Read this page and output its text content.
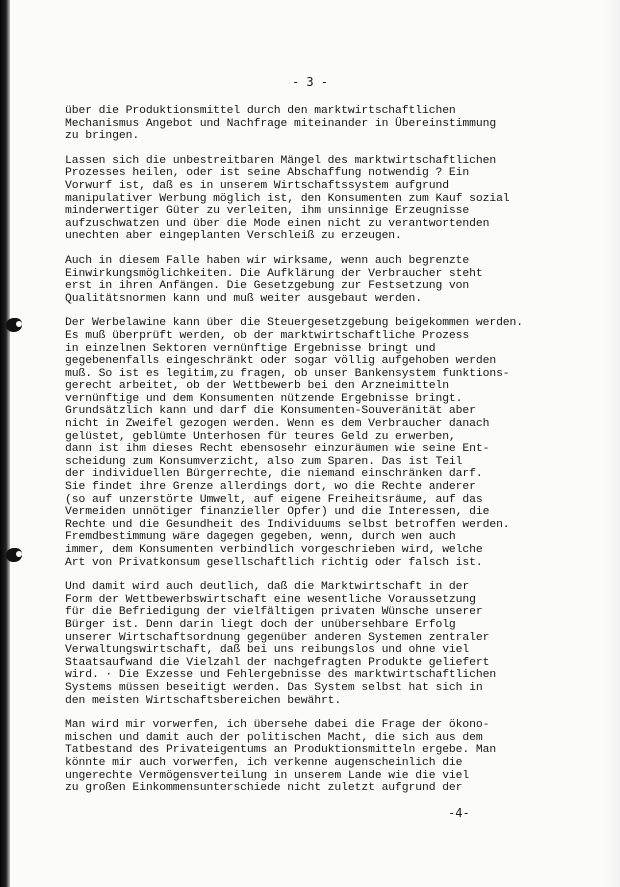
- 3 -
über die Produktionsmittel durch den marktwirtschaftlichen
Mechanismus Angebot und Nachfrage miteinander in Übereinstimmung
zu bringen.
Lassen sich die unbestreitbaren Mängel des marktwirtschaftlichen
Prozesses heilen, oder ist seine Abschaffung notwendig ? Ein
Vorwurf ist, daß es in unserem Wirtschaftssystem aufgrund
manipulativer Werbung möglich ist, den Konsumenten zum Kauf sozial
minderwertiger Güter zu verleiten, ihm unsinnige Erzeugnisse
aufzuschwatzen und über die Mode einen nicht zu verantwortenden
unechten aber eingeplanten Verschleiß zu erzeugen.
Auch in diesem Falle haben wir wirksame, wenn auch begrenzte
Einwirkungsmöglichkeiten. Die Aufklärung der Verbraucher steht
erst in ihren Anfängen. Die Gesetzgebung zur Festsetzung von
Qualitätsnormen kann und muß weiter ausgebaut werden.
Der Werbelawine kann über die Steuergesetzgebung beigekommen werden.
Es muß überprüft werden, ob der marktwirtschaftliche Prozess
in einzelnen Sektoren vernünftige Ergebnisse bringt und
gegebenenfalls eingeschränkt oder sogar völlig aufgehoben werden
muß. So ist es legitim,zu fragen, ob unser Bankensystem funktions-
gerecht arbeitet, ob der Wettbewerb bei den Arzneimitteln
vernünftige und dem Konsumenten nützende Ergebnisse bringt.
Grundsätzlich kann und darf die Konsumenten-Souveränität aber
nicht in Zweifel gezogen werden. Wenn es dem Verbraucher danach
gelüstet, geblümte Unterhosen für teures Geld zu erwerben,
dann ist ihm dieses Recht ebensosehr einzuräumen wie seine Ent-
scheidung zum Konsumverzicht, also zum Sparen. Das ist Teil
der individuellen Bürgerrechte, die niemand einschränken darf.
Sie findet ihre Grenze allerdings dort, wo die Rechte anderer
(so auf unzerstörte Umwelt, auf eigene Freiheitsräume, auf das
Vermeiden unnötiger finanzieller Opfer) und die Interessen, die
Rechte und die Gesundheit des Individuums selbst betroffen werden.
Fremdbestimmung wäre dagegen gegeben, wenn, durch wen auch
immer, dem Konsumenten verbindlich vorgeschrieben wird, welche
Art von Privatkonsum gesellschaftlich richtig oder falsch ist.
Und damit wird auch deutlich, daß die Marktwirtschaft in der
Form der Wettbewerbswirtschaft eine wesentliche Voraussetzung
für die Befriedigung der vielfältigen privaten Wünsche unserer
Bürger ist. Denn darin liegt doch der unübersehbare Erfolg
unserer Wirtschaftsordnung gegenüber anderen Systemen zentraler
Verwaltungswirtschaft, daß bei uns reibungslos und ohne viel
Staatsaufwand die Vielzahl der nachgefragten Produkte geliefert
wird. · Die Exzesse und Fehlergebnisse des marktwirtschaftlichen
Systems müssen beseitigt werden. Das System selbst hat sich in
den meisten Wirtschaftsbereichen bewährt.
Man wird mir vorwerfen, ich übersehe dabei die Frage der ökono-
mischen und damit auch der politischen Macht, die sich aus dem
Tatbestand des Privateigentums an Produktionsmitteln ergebe. Man
könnte mir auch vorwerfen, ich verkenne augenscheinlich die
ungerechte Vermögensverteilung in unserem Lande wie die viel
zu großen Einkommensunterschiede nicht zuletzt aufgrund der
-4-
